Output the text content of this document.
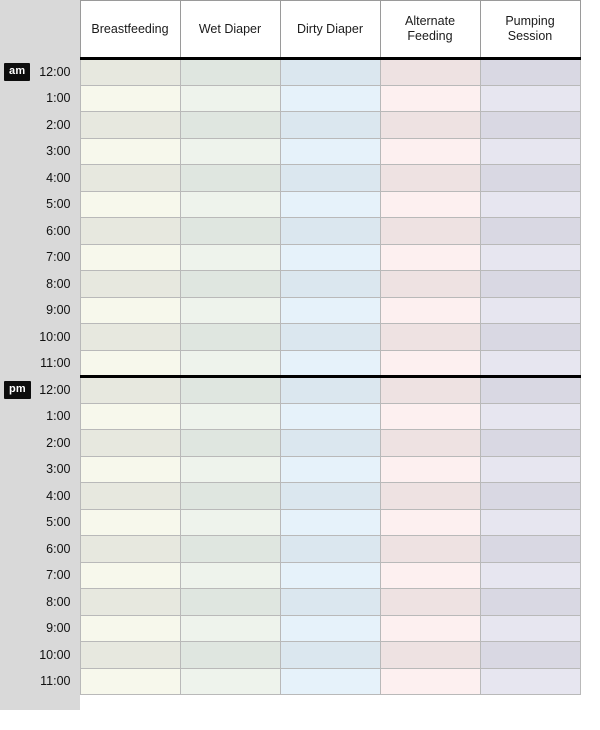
	Breastfeeding	Wet Diaper	Dirty Diaper	Alternate Feeding	Pumping Session

am 12:00					
1:00					
2:00					
3:00					
4:00					
5:00					
6:00					
7:00					
8:00					
9:00					
10:00					
11:00					

pm 12:00					
1:00					
2:00					
3:00					
4:00					
5:00					
6:00					
7:00					
8:00					
9:00					
10:00					
11:00					
